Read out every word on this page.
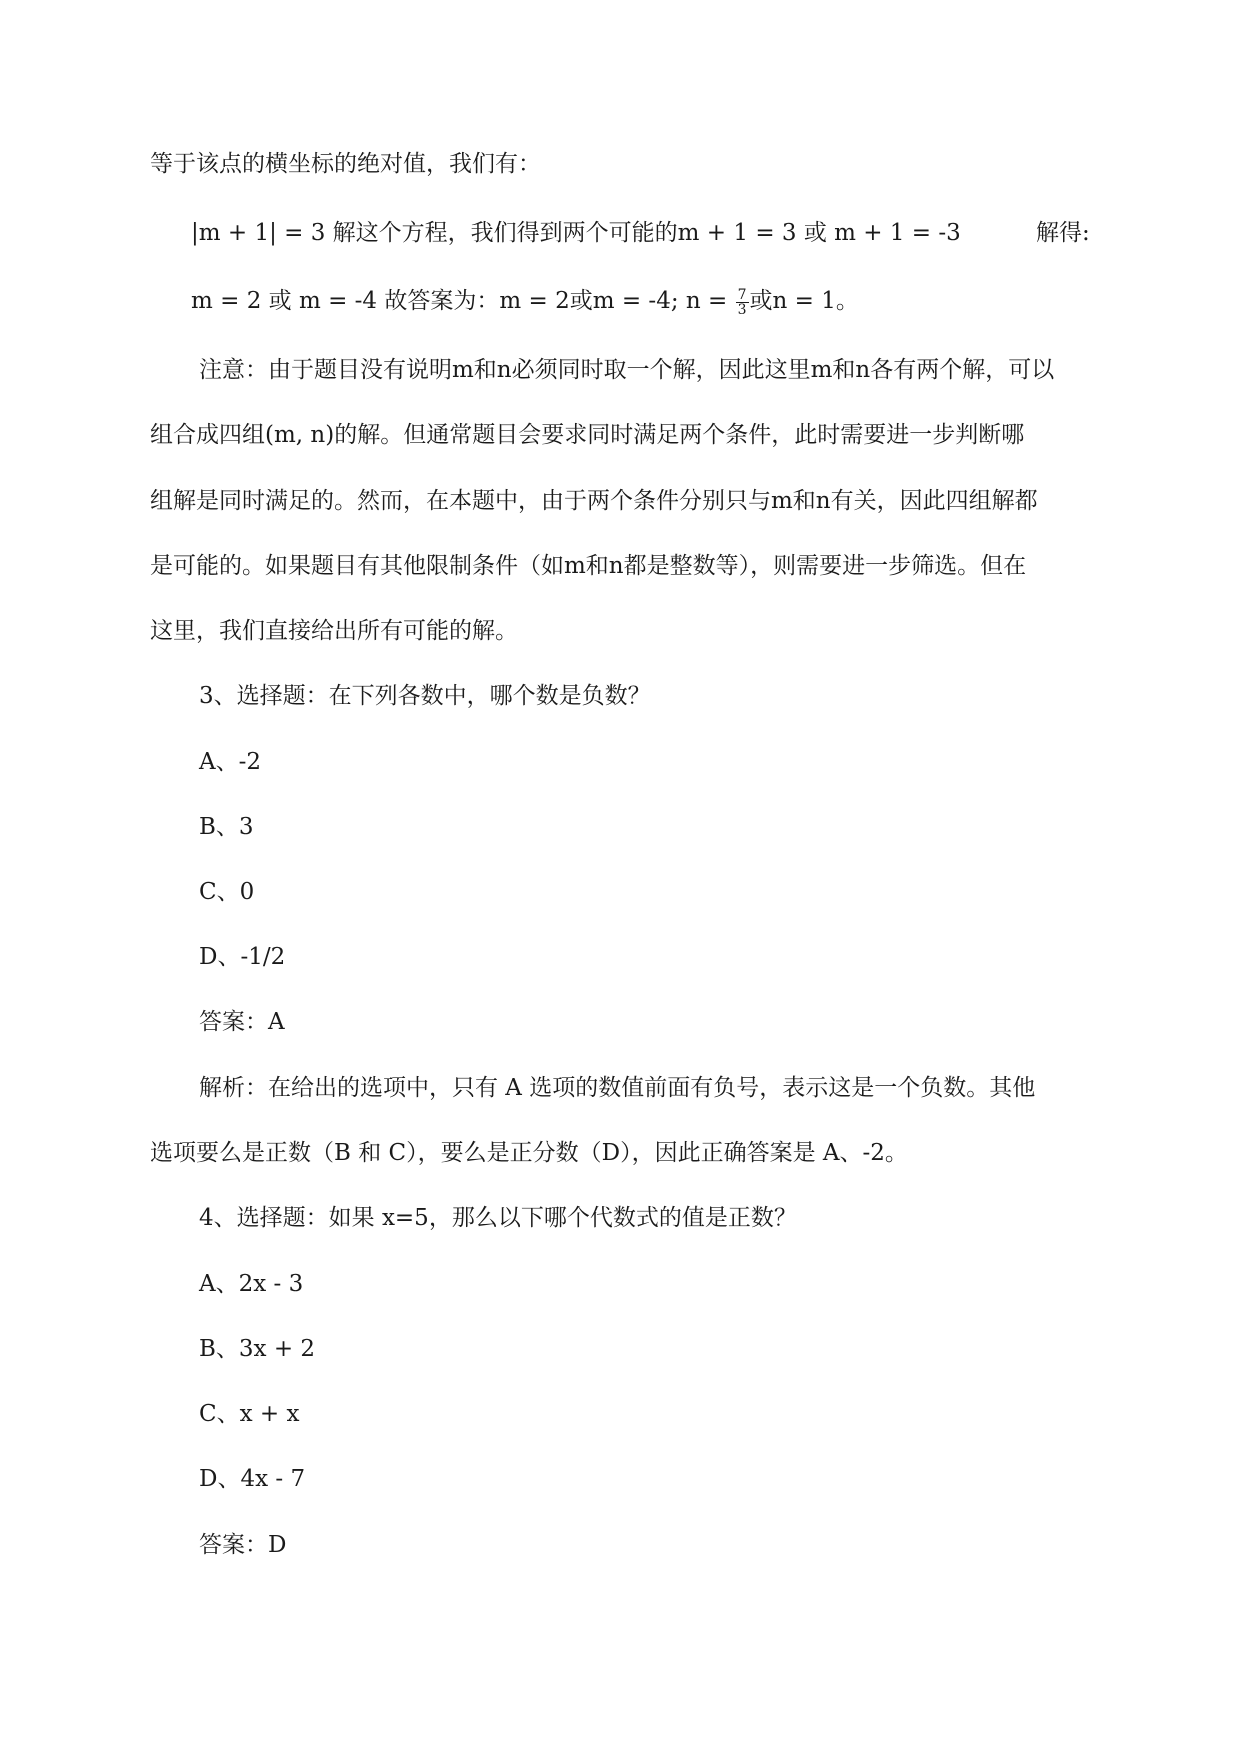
等于该点的横坐标的绝对值，我们有：
|m + 1| = 3 解这个方程，我们得到两个可能的m + 1 = 3 或 m + 1 = -3	解得:
m = 2 或 m = -4 故答案为：m = 2或m = -4; $n = \frac{7}{3}$ 或n = 1。
注意：由于题目没有说明m和n必须同时取一个解，因此这里m和n各有两个解，可以
组合成四组(m, n)的解。但通常题目会要求同时满足两个条件，此时需要进一步判断哪
组解是同时满足的。然而，在本题中，由于两个条件分别只与m和n有关，因此四组解都
是可能的。如果题目有其他限制条件（如m和n都是整数等），则需要进一步筛选。但在
这里，我们直接给出所有可能的解。
3、选择题：在下列各数中，哪个数是负数？
A、-2
B、3
C、0
D、-1/2
答案：A
解析：在给出的选项中，只有 A 选项的数值前面有负号，表示这是一个负数。其他
选项要么是正数（B 和 C），要么是正分数（D），因此正确答案是 A、-2。
4、选择题：如果 x=5，那么以下哪个代数式的值是正数？
A、2x - 3
B、3x + 2
C、x + x
D、4x - 7
答案：D
